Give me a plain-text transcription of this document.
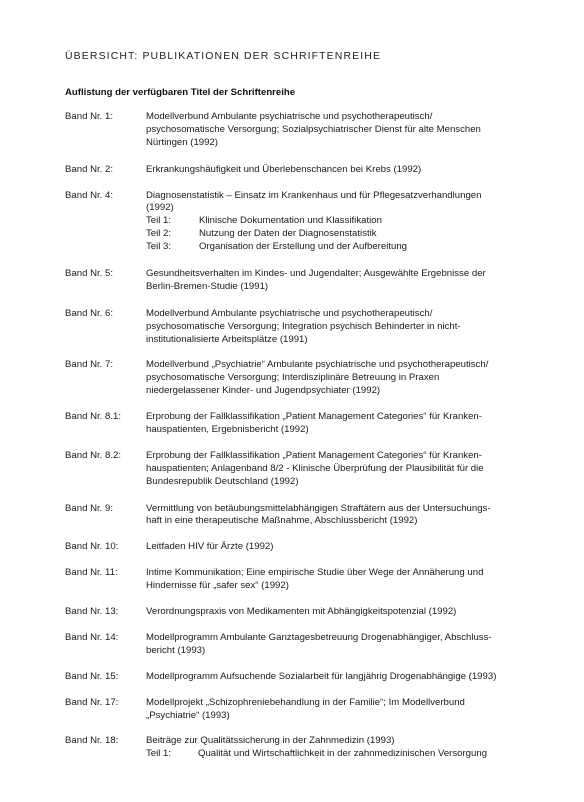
ÜBERSICHT: PUBLIKATIONEN DER SCHRIFTENREIHE
Auflistung der verfügbaren Titel der Schriftenreihe
Band Nr. 1:	Modellverbund Ambulante psychiatrische und psychotherapeutisch/
psychosomatische Versorgung; Sozialpsychiatrischer Dienst für alte Menschen
Nürtingen (1992)
Band Nr. 2:	Erkrankungshäufigkeit und Überlebenschancen bei Krebs (1992)
Band Nr. 4:	Diagnosenstatistik – Einsatz im Krankenhaus und für Pflegesatzverhandlungen
(1992)
Teil 1:	Klinische Dokumentation und Klassifikation
Teil 2:	Nutzung der Daten der Diagnosenstatistik
Teil 3:	Organisation der Erstellung und der Aufbereitung
Band Nr. 5:	Gesundheitsverhalten im Kindes- und Jugendalter; Ausgewählte Ergebnisse der
Berlin-Bremen-Studie (1991)
Band Nr. 6:	Modellverbund Ambulante psychiatrische und psychotherapeutisch/
psychosomatische Versorgung; Integration psychisch Behinderter in nicht-
institutionalisierte Arbeitsplätze (1991)
Band Nr. 7:	Modellverbund „Psychiatrie“ Ambulante psychiatrische und psychotherapeutisch/
psychosomatische Versorgung; Interdisziplinäre Betreuung in Praxen
niedergelassener Kinder- und Jugendpsychiater (1992)
Band Nr. 8.1:	Erprobung der Fallklassifikation „Patient Management Categories“ für Kranken-
hauspatienten, Ergebnisbericht (1992)
Band Nr. 8.2:	Erprobung der Fallklassifikation „Patient Management Categories“ für Kranken-
hauspatienten; Anlagenband 8/2 - Klinische Überprüfung der Plausibilität für die
Bundesrepublik Deutschland (1992)
Band Nr. 9:	Vermittlung von betäubungsmittelabhängigen Straftätern aus der Untersuchungs-
haft in eine therapeutische Maßnahme, Abschlussbericht (1992)
Band Nr. 10:	Leitfaden HIV für Ärzte (1992)
Band Nr. 11:	Intime Kommunikation; Eine empirische Studie über Wege der Annäherung und
Hindernisse für „safer sex“ (1992)
Band Nr. 13:	Verordnungspraxis von Medikamenten mit Abhängigkeitspotenzial (1992)
Band Nr. 14:	Modellprogramm Ambulante Ganztagesbetreuung Drogenabhängiger, Abschluss-
bericht (1993)
Band Nr. 15:	Modellprogramm Aufsuchende Sozialarbeit für langjährig Drogenabhängige (1993)
Band Nr. 17:	Modellprojekt „Schizophreniebehandlung in der Familie“; Im Modellverbund
„Psychiatrie“ (1993)
Band Nr. 18:	Beiträge zur Qualitätssicherung in der Zahnmedizin (1993)
Teil 1:	Qualität und Wirtschaftlichkeit in der zahnmedizinischen Versorgung
